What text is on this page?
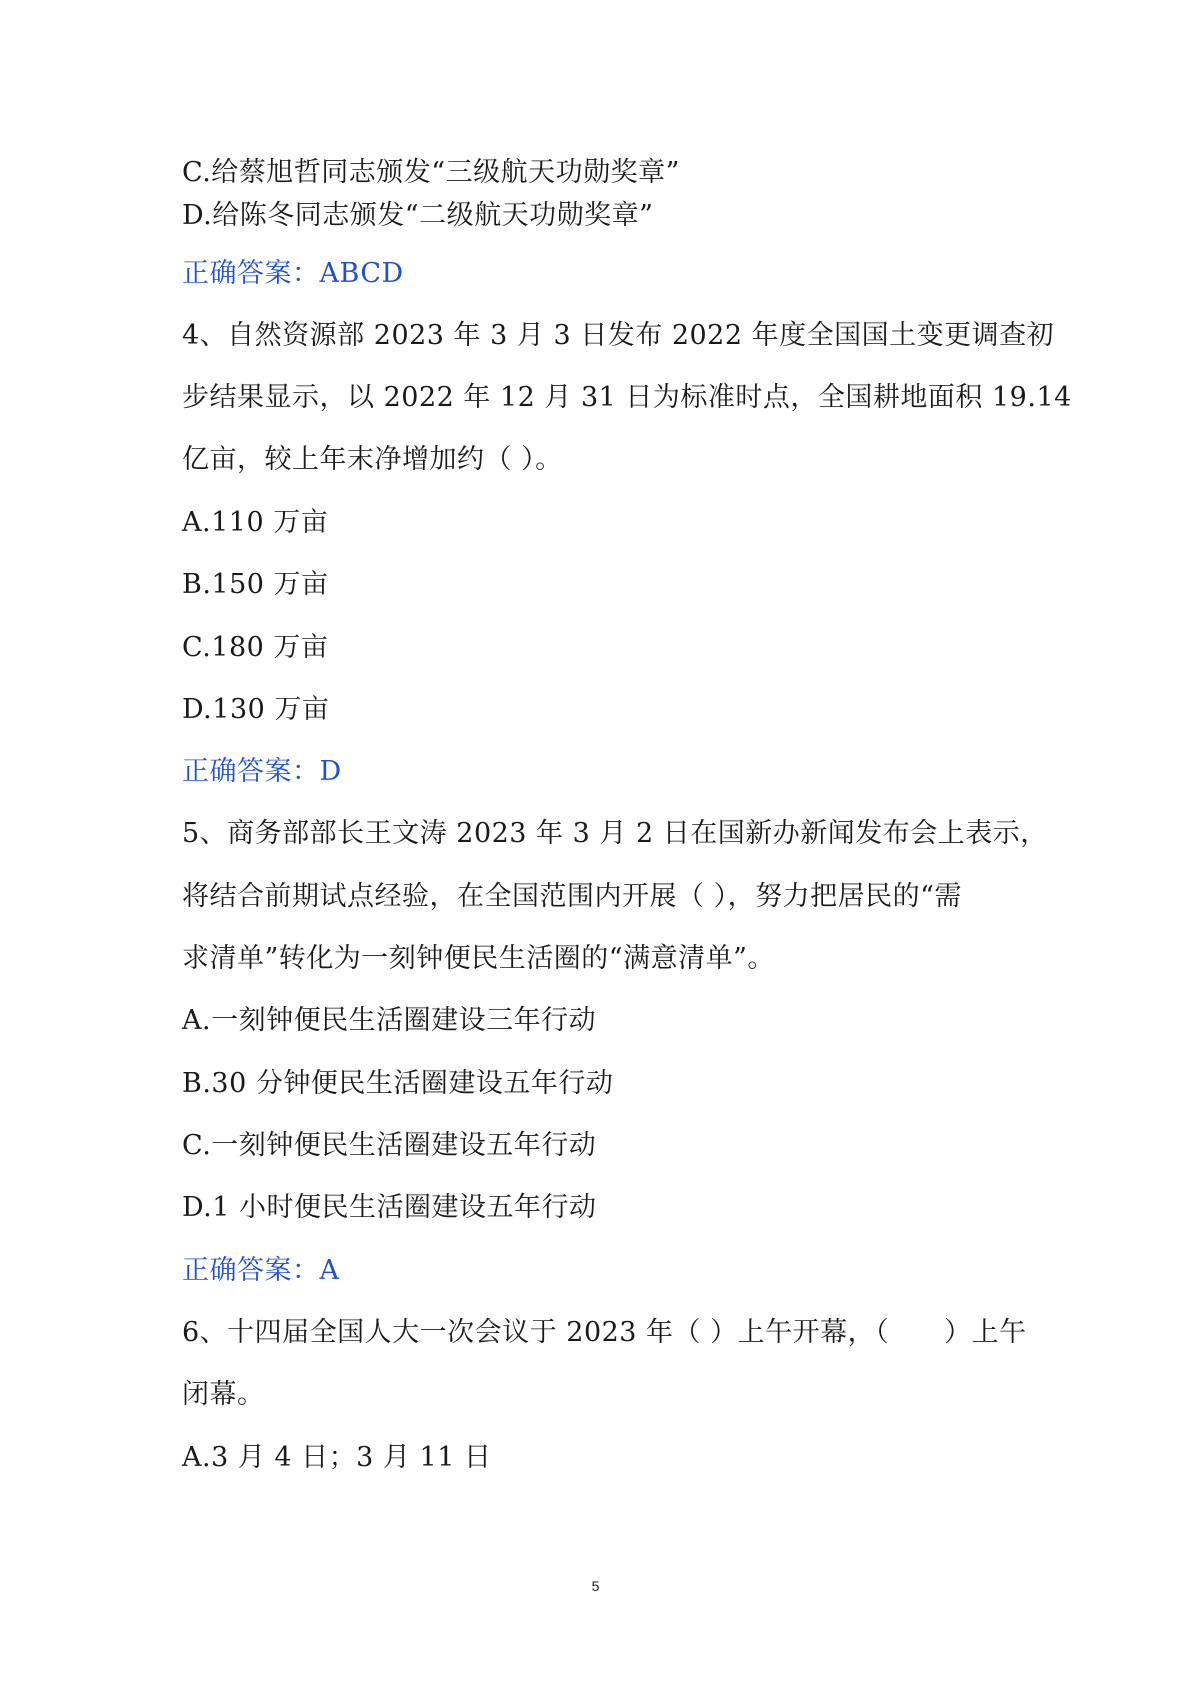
C.给蔡旭哲同志颁发“三级航天功勋奖章”
D.给陈冬同志颁发“二级航天功勋奖章”
正确答案：ABCD
4、自然资源部 2023 年 3 月 3 日发布 2022 年度全国国土变更调查初
步结果显示，以 2022 年 12 月 31 日为标准时点，全国耕地面积 19.14
亿亩，较上年末净增加约（ ）。
A.110 万亩
B.150 万亩
C.180 万亩
D.130 万亩
正确答案：D
5、商务部部长王文涛 2023 年 3 月 2 日在国新办新闻发布会上表示，
将结合前期试点经验，在全国范围内开展（ ），努力把居民的“需
求清单”转化为一刻钟便民生活圈的“满意清单”。
A.一刻钟便民生活圈建设三年行动
B.30 分钟便民生活圈建设五年行动
C.一刻钟便民生活圈建设五年行动
D.1 小时便民生活圈建设五年行动
正确答案：A
6、十四届全国人大一次会议于 2023 年（ ）上午开幕，（　　）上午
闭幕。
A.3 月 4 日；3 月 11 日
5
